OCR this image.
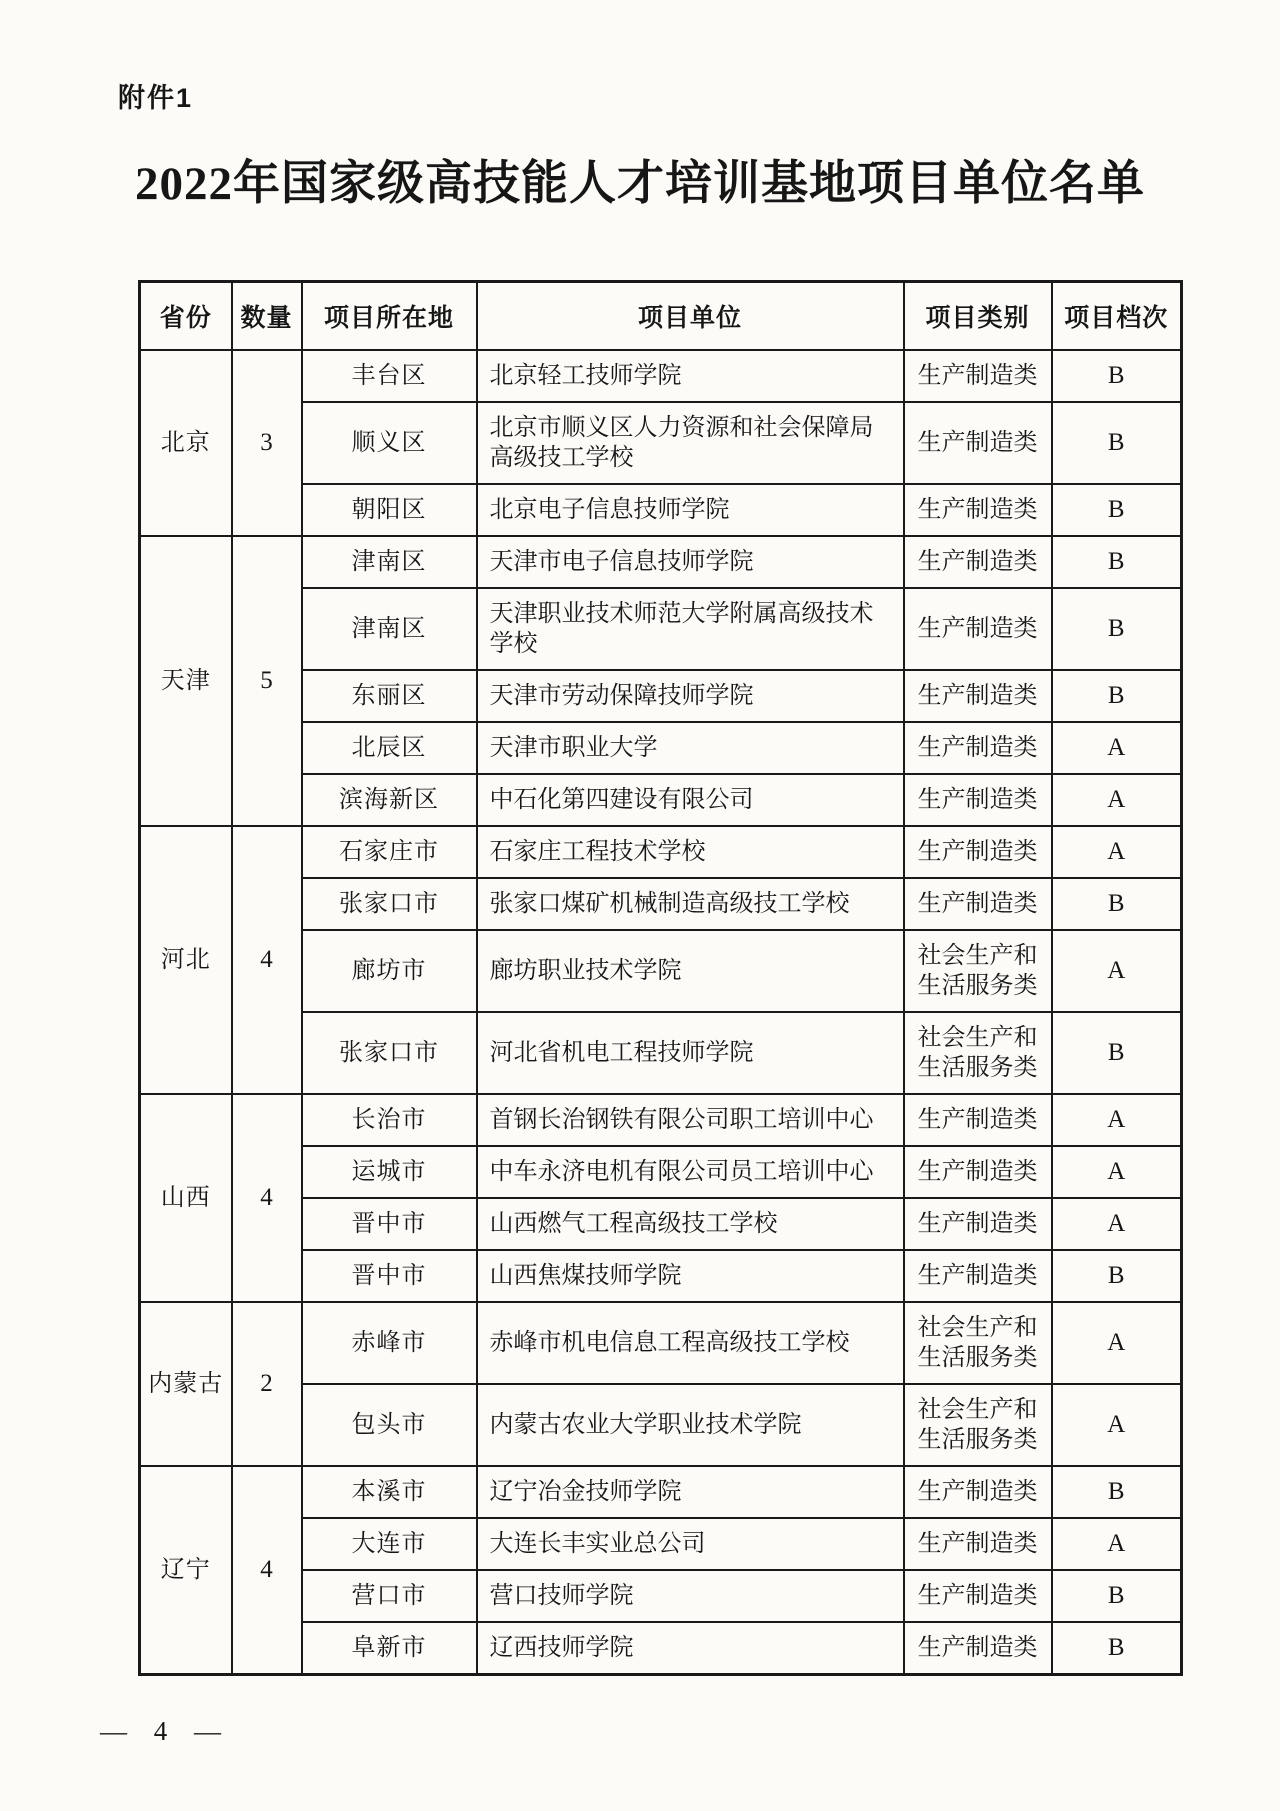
附件1
2022年国家级高技能人才培训基地项目单位名单
省份	数量	项目所在地	项目单位	项目类别	项目档次
北京	3	丰台区	北京轻工技师学院	生产制造类	B
		顺义区	北京市顺义区人力资源和社会保障局高级技工学校	生产制造类	B
		朝阳区	北京电子信息技师学院	生产制造类	B
天津	5	津南区	天津市电子信息技师学院	生产制造类	B
		津南区	天津职业技术师范大学附属高级技术学校	生产制造类	B
		东丽区	天津市劳动保障技师学院	生产制造类	B
		北辰区	天津市职业大学	生产制造类	A
		滨海新区	中石化第四建设有限公司	生产制造类	A
河北	4	石家庄市	石家庄工程技术学校	生产制造类	A
		张家口市	张家口煤矿机械制造高级技工学校	生产制造类	B
		廊坊市	廊坊职业技术学院	社会生产和生活服务类	A
		张家口市	河北省机电工程技师学院	社会生产和生活服务类	B
山西	4	长治市	首钢长治钢铁有限公司职工培训中心	生产制造类	A
		运城市	中车永济电机有限公司员工培训中心	生产制造类	A
		晋中市	山西燃气工程高级技工学校	生产制造类	A
		晋中市	山西焦煤技师学院	生产制造类	B
内蒙古	2	赤峰市	赤峰市机电信息工程高级技工学校	社会生产和生活服务类	A
		包头市	内蒙古农业大学职业技术学院	社会生产和生活服务类	A
辽宁	4	本溪市	辽宁冶金技师学院	生产制造类	B
		大连市	大连长丰实业总公司	生产制造类	A
		营口市	营口技师学院	生产制造类	B
		阜新市	辽西技师学院	生产制造类	B
— 4 —
